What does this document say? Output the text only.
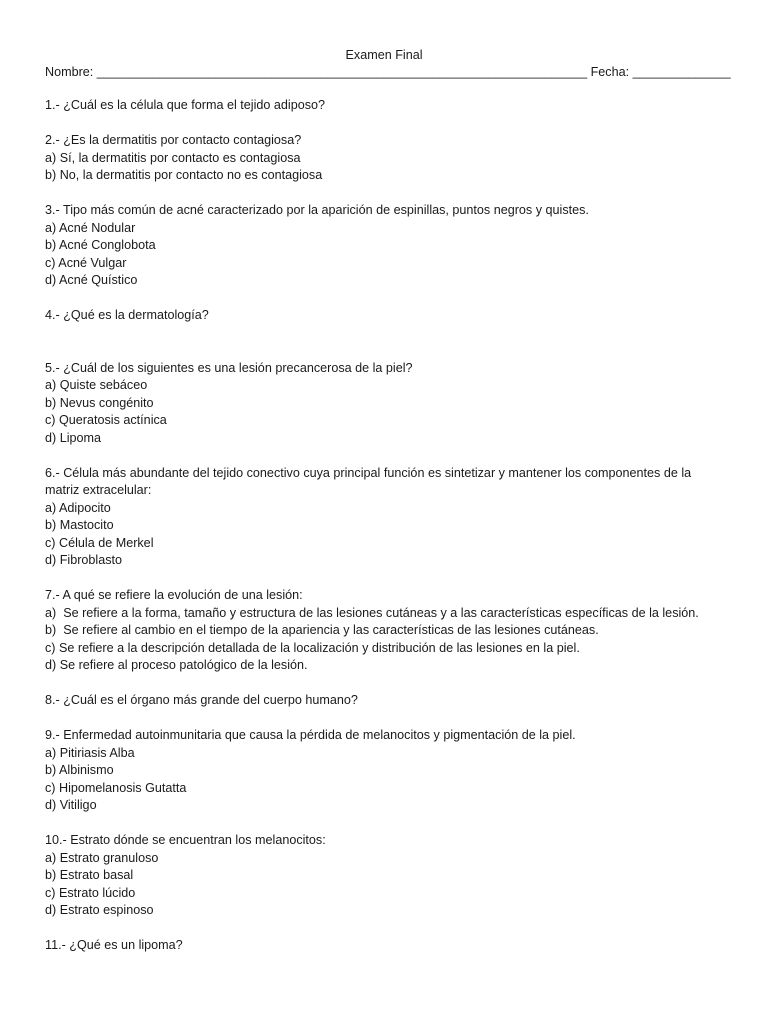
Examen Final
Nombre: ______________________________________________________________________ Fecha: ______________
1.- ¿Cuál es la célula que forma el tejido adiposo?
2.- ¿Es la dermatitis por contacto contagiosa?
a) Sí, la dermatitis por contacto es contagiosa
b) No, la dermatitis por contacto no es contagiosa
3.- Tipo más común de acné caracterizado por la aparición de espinillas, puntos negros y quistes.
a) Acné Nodular
b) Acné Conglobota
c) Acné Vulgar
d) Acné Quístico
4.- ¿Qué es la dermatología?
5.- ¿Cuál de los siguientes es una lesión precancerosa de la piel?
a) Quiste sebáceo
b) Nevus congénito
c) Queratosis actínica
d) Lipoma
6.- Célula más abundante del tejido conectivo cuya principal función es sintetizar y mantener los componentes de la matriz extracelular:
a) Adipocito
b) Mastocito
c) Célula de Merkel
d) Fibroblasto
7.- A qué se refiere la evolución de una lesión:
a)  Se refiere a la forma, tamaño y estructura de las lesiones cutáneas y a las características específicas de la lesión.
b)  Se refiere al cambio en el tiempo de la apariencia y las características de las lesiones cutáneas.
c) Se refiere a la descripción detallada de la localización y distribución de las lesiones en la piel.
d) Se refiere al proceso patológico de la lesión.
8.- ¿Cuál es el órgano más grande del cuerpo humano?
9.- Enfermedad autoinmunitaria que causa la pérdida de melanocitos y pigmentación de la piel.
a) Pitiriasis Alba
b) Albinismo
c) Hipomelanosis Gutatta
d) Vitiligo
10.- Estrato dónde se encuentran los melanocitos:
a) Estrato granuloso
b) Estrato basal
c) Estrato lúcido
d) Estrato espinoso
11.- ¿Qué es un lipoma?
